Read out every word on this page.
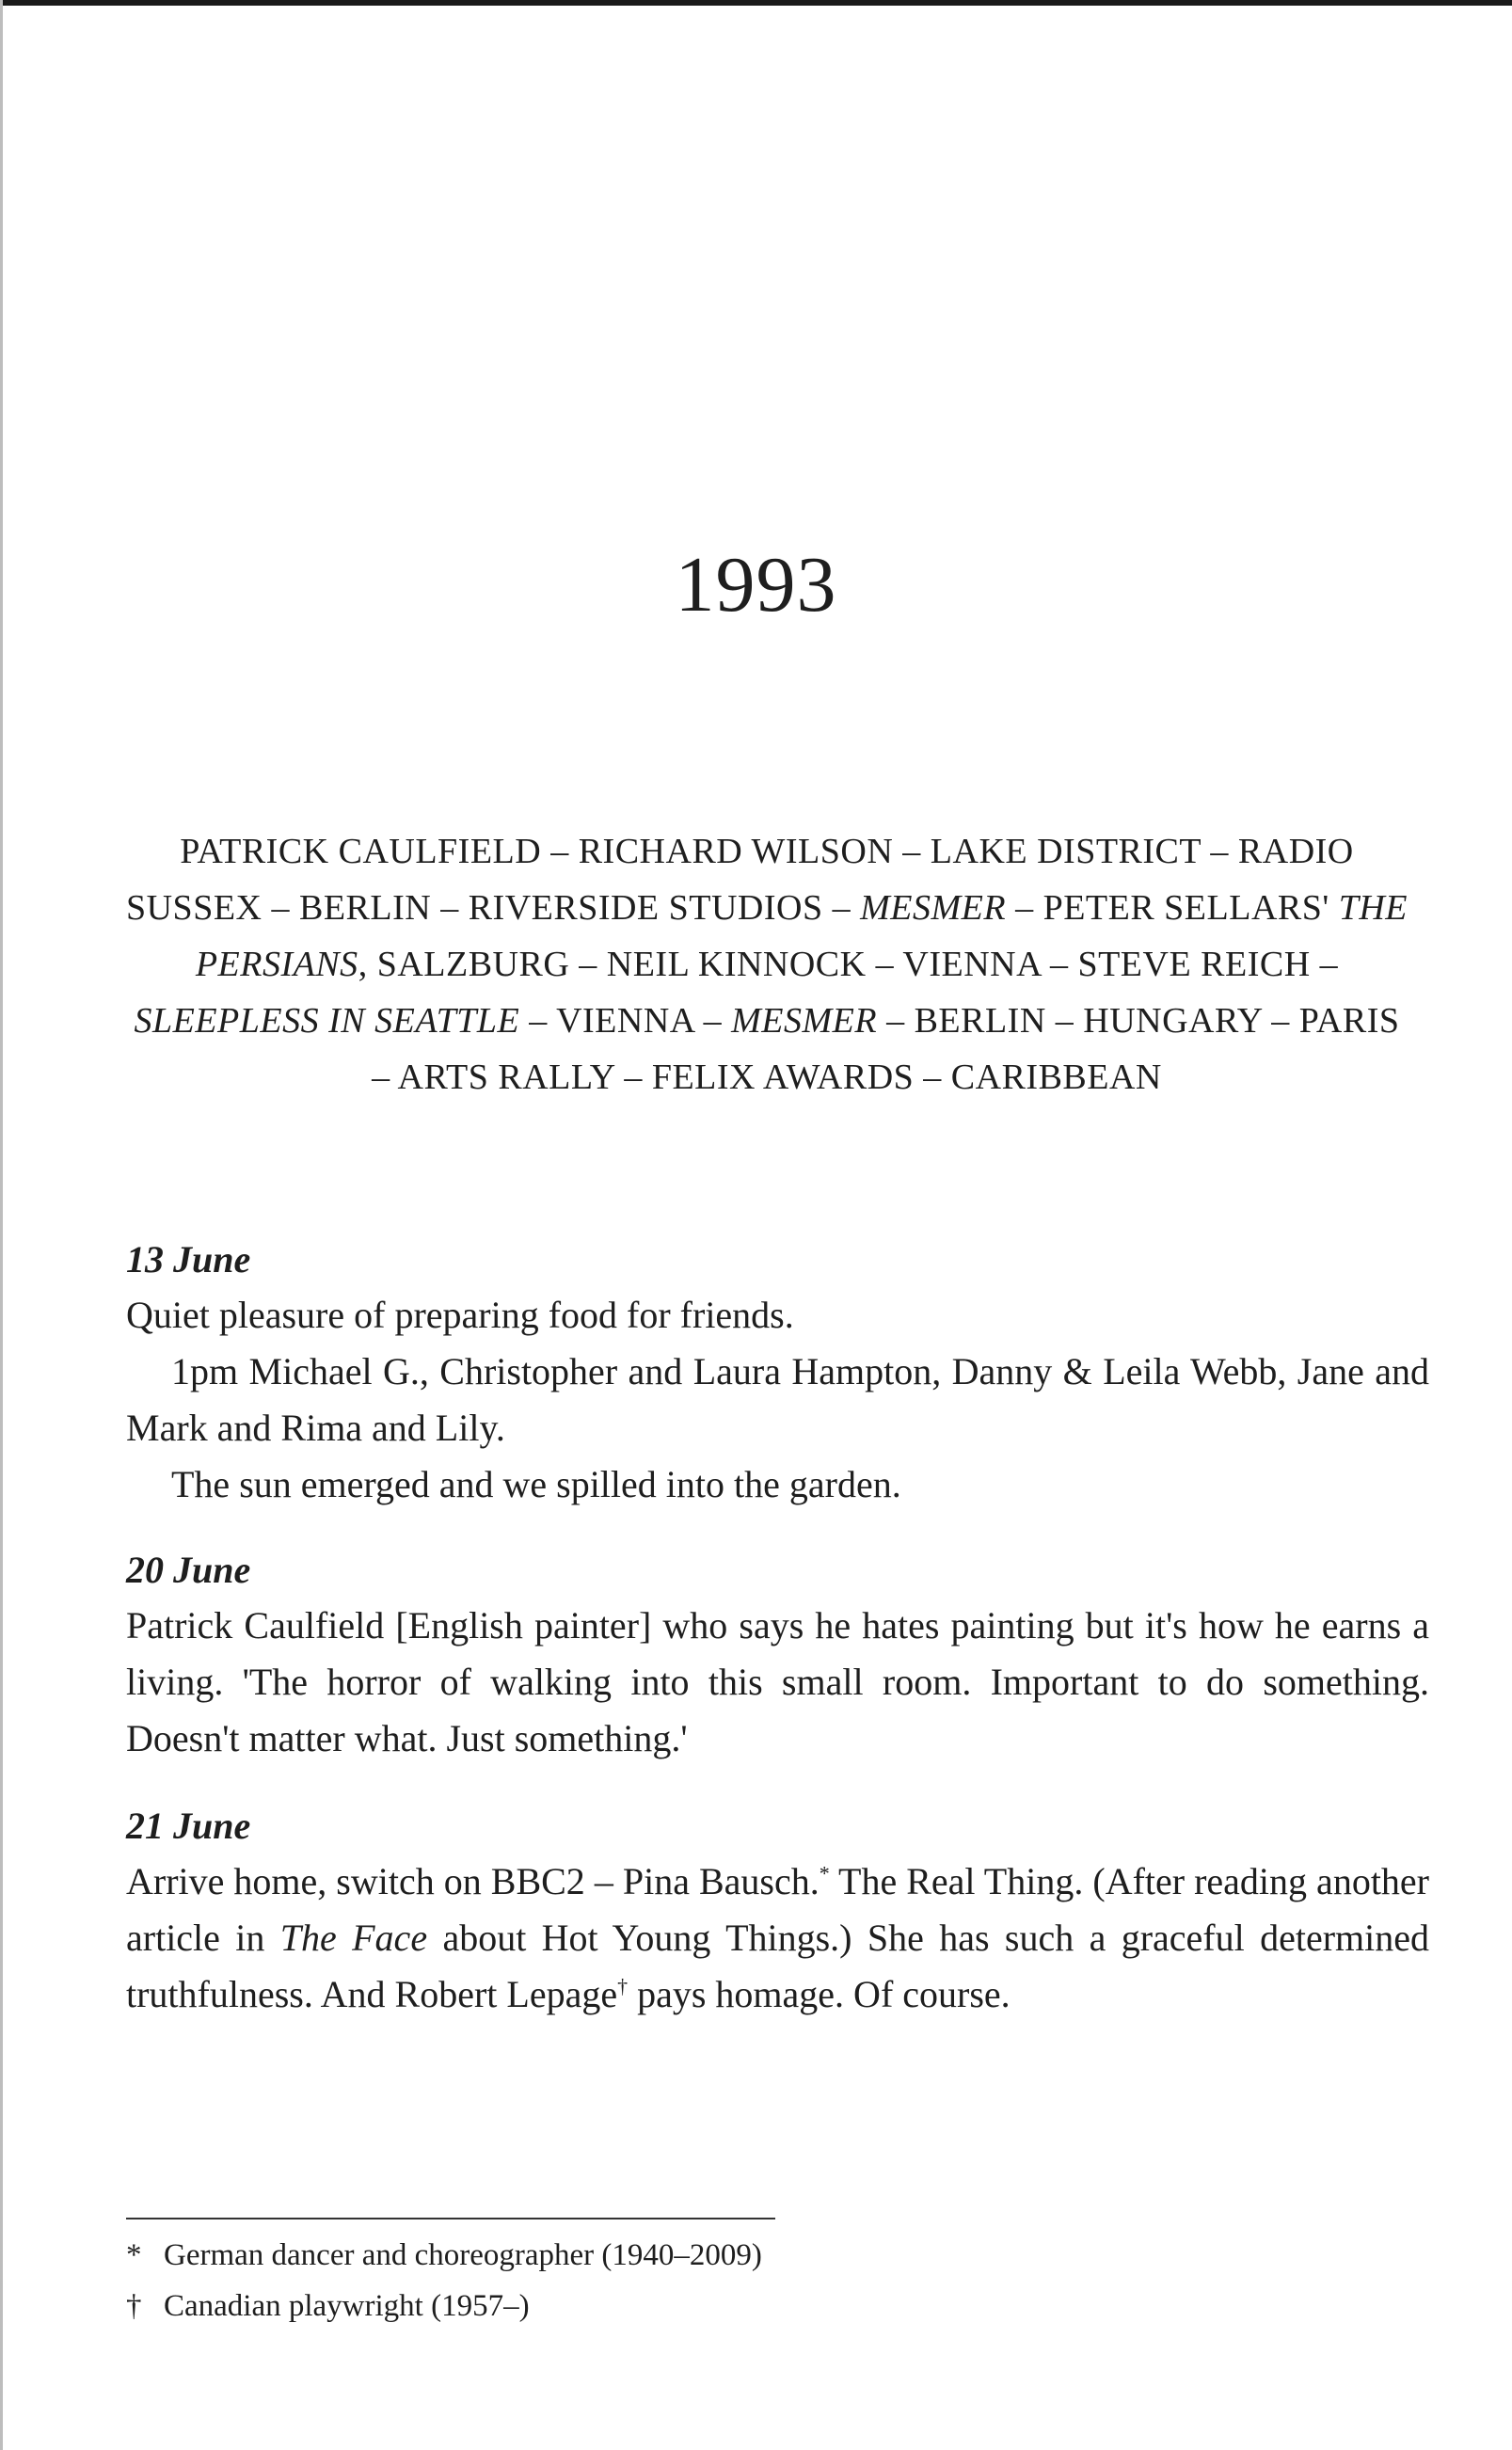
1993

PATRICK CAULFIELD – RICHARD WILSON – LAKE DISTRICT – RADIO SUSSEX – BERLIN – RIVERSIDE STUDIOS – MESMER – PETER SELLARS' THE PERSIANS, SALZBURG – NEIL KINNOCK – VIENNA – STEVE REICH – SLEEPLESS IN SEATTLE – VIENNA – MESMER – BERLIN – HUNGARY – PARIS – ARTS RALLY – FELIX AWARDS – CARIBBEAN

13 June

Quiet pleasure of preparing food for friends.

1pm Michael G., Christopher and Laura Hampton, Danny & Leila Webb, Jane and Mark and Rima and Lily.

The sun emerged and we spilled into the garden.

20 June

Patrick Caulfield [English painter] who says he hates painting but it's how he earns a living. 'The horror of walking into this small room. Important to do something. Doesn't matter what. Just something.'

21 June

Arrive home, switch on BBC2 – Pina Bausch.* The Real Thing. (After reading another article in The Face about Hot Young Things.) She has such a graceful determined truthfulness. And Robert Lepage† pays homage. Of course.

* German dancer and choreographer (1940–2009)

† Canadian playwright (1957–)
